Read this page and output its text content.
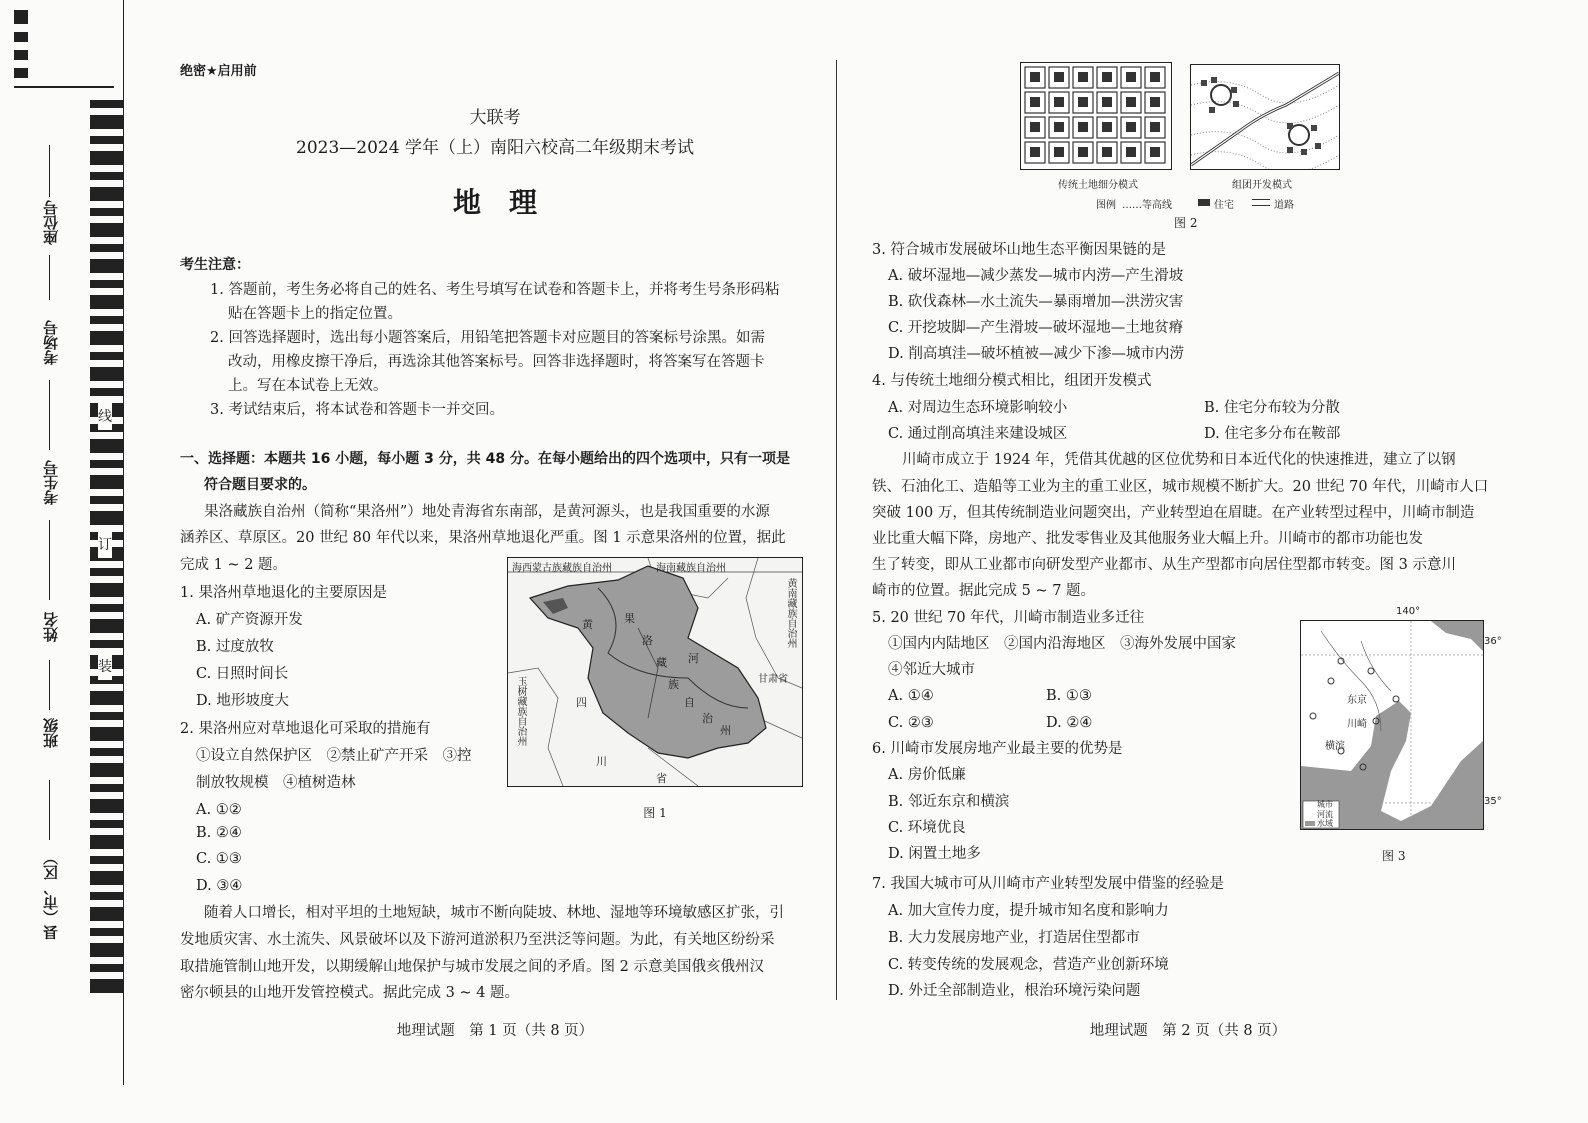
座位号
考场号
考生号
姓名
班级
县（市、区）
线
订
装
绝密★启用前
大联考
2023—2024 学年（上）南阳六校高二年级期末考试
地　理
考生注意：
1. 答题前，考生务必将自己的姓名、考生号填写在试卷和答题卡上，并将考生号条形码粘
贴在答题卡上的指定位置。
2. 回答选择题时，选出每小题答案后，用铅笔把答题卡对应题目的答案标号涂黑。如需
改动，用橡皮擦干净后，再选涂其他答案标号。回答非选择题时，将答案写在答题卡
上。写在本试卷上无效。
3. 考试结束后，将本试卷和答题卡一并交回。
一、选择题：本题共 16 小题，每小题 3 分，共 48 分。在每小题给出的四个选项中，只有一项是
符合题目要求的。
果洛藏族自治州（简称“果洛州”）地处青海省东南部，是黄河源头，也是我国重要的水源
涵养区、草原区。20 世纪 80 年代以来，果洛州草地退化严重。图 1 示意果洛州的位置，据此
完成 1 ~ 2 题。
1. 果洛州草地退化的主要原因是
A. 矿产资源开发
B. 过度放牧
C. 日照时间长
D. 地形坡度大
2. 果洛州应对草地退化可采取的措施有
①设立自然保护区　②禁止矿产开采　③控
制放牧规模　④植树造林
A. ①②
B. ②④
C. ①③
D. ③④
海西蒙古族藏族自治州	海南藏族自治州
黄南藏族自治州
甘肃省
玉树藏族自治州	四
川
省
果
洛
藏
族
自
治
州
黄
河
图 1
随着人口增长，相对平坦的土地短缺，城市不断向陡坡、林地、湿地等环境敏感区扩张，引
发地质灾害、水土流失、风景破坏以及下游河道淤积乃至洪泛等问题。为此，有关地区纷纷采
取措施管制山地开发，以期缓解山地保护与城市发展之间的矛盾。图 2 示意美国俄亥俄州汉
密尔顿县的山地开发管控模式。据此完成 3 ~ 4 题。
地理试题　第 1 页（共 8 页）
传统土地细分模式	组团开发模式
图例 ……等高线	住宅	道路
图 2
3. 符合城市发展破坏山地生态平衡因果链的是
A. 破坏湿地—减少蒸发—城市内涝—产生滑坡
B. 砍伐森林—水土流失—暴雨增加—洪涝灾害
C. 开挖坡脚—产生滑坡—破坏湿地—土地贫瘠
D. 削高填洼—破坏植被—减少下渗—城市内涝
4. 与传统土地细分模式相比，组团开发模式
A. 对周边生态环境影响较小	B. 住宅分布较为分散
C. 通过削高填洼来建设城区	D. 住宅多分布在鞍部
川崎市成立于 1924 年，凭借其优越的区位优势和日本近代化的快速推进，建立了以钢
铁、石油化工、造船等工业为主的重工业区，城市规模不断扩大。20 世纪 70 年代，川崎市人口
突破 100 万，但其传统制造业问题突出，产业转型迫在眉睫。在产业转型过程中，川崎市制造
业比重大幅下降，房地产、批发零售业及其他服务业大幅上升。川崎市的都市功能也发
生了转变，即从工业都市向研发型产业都市、从生产型都市向居住型都市转变。图 3 示意川
崎市的位置。据此完成 5 ~ 7 题。
5. 20 世纪 70 年代，川崎市制造业多迁往
①国内内陆地区　②国内沿海地区　③海外发展中国家
④邻近大城市
A. ①④	B. ①③
C. ②③	D. ②④
6. 川崎市发展房地产业最主要的优势是
A. 房价低廉
B. 邻近东京和横滨
C. 环境优良
D. 闲置土地多
东京
川崎
横滨
城市
河流
水域
140°
36°
35°
图 3
7. 我国大城市可从川崎市产业转型发展中借鉴的经验是
A. 加大宣传力度，提升城市知名度和影响力
B. 大力发展房地产业，打造居住型都市
C. 转变传统的发展观念，营造产业创新环境
D. 外迁全部制造业，根治环境污染问题
地理试题　第 2 页（共 8 页）
